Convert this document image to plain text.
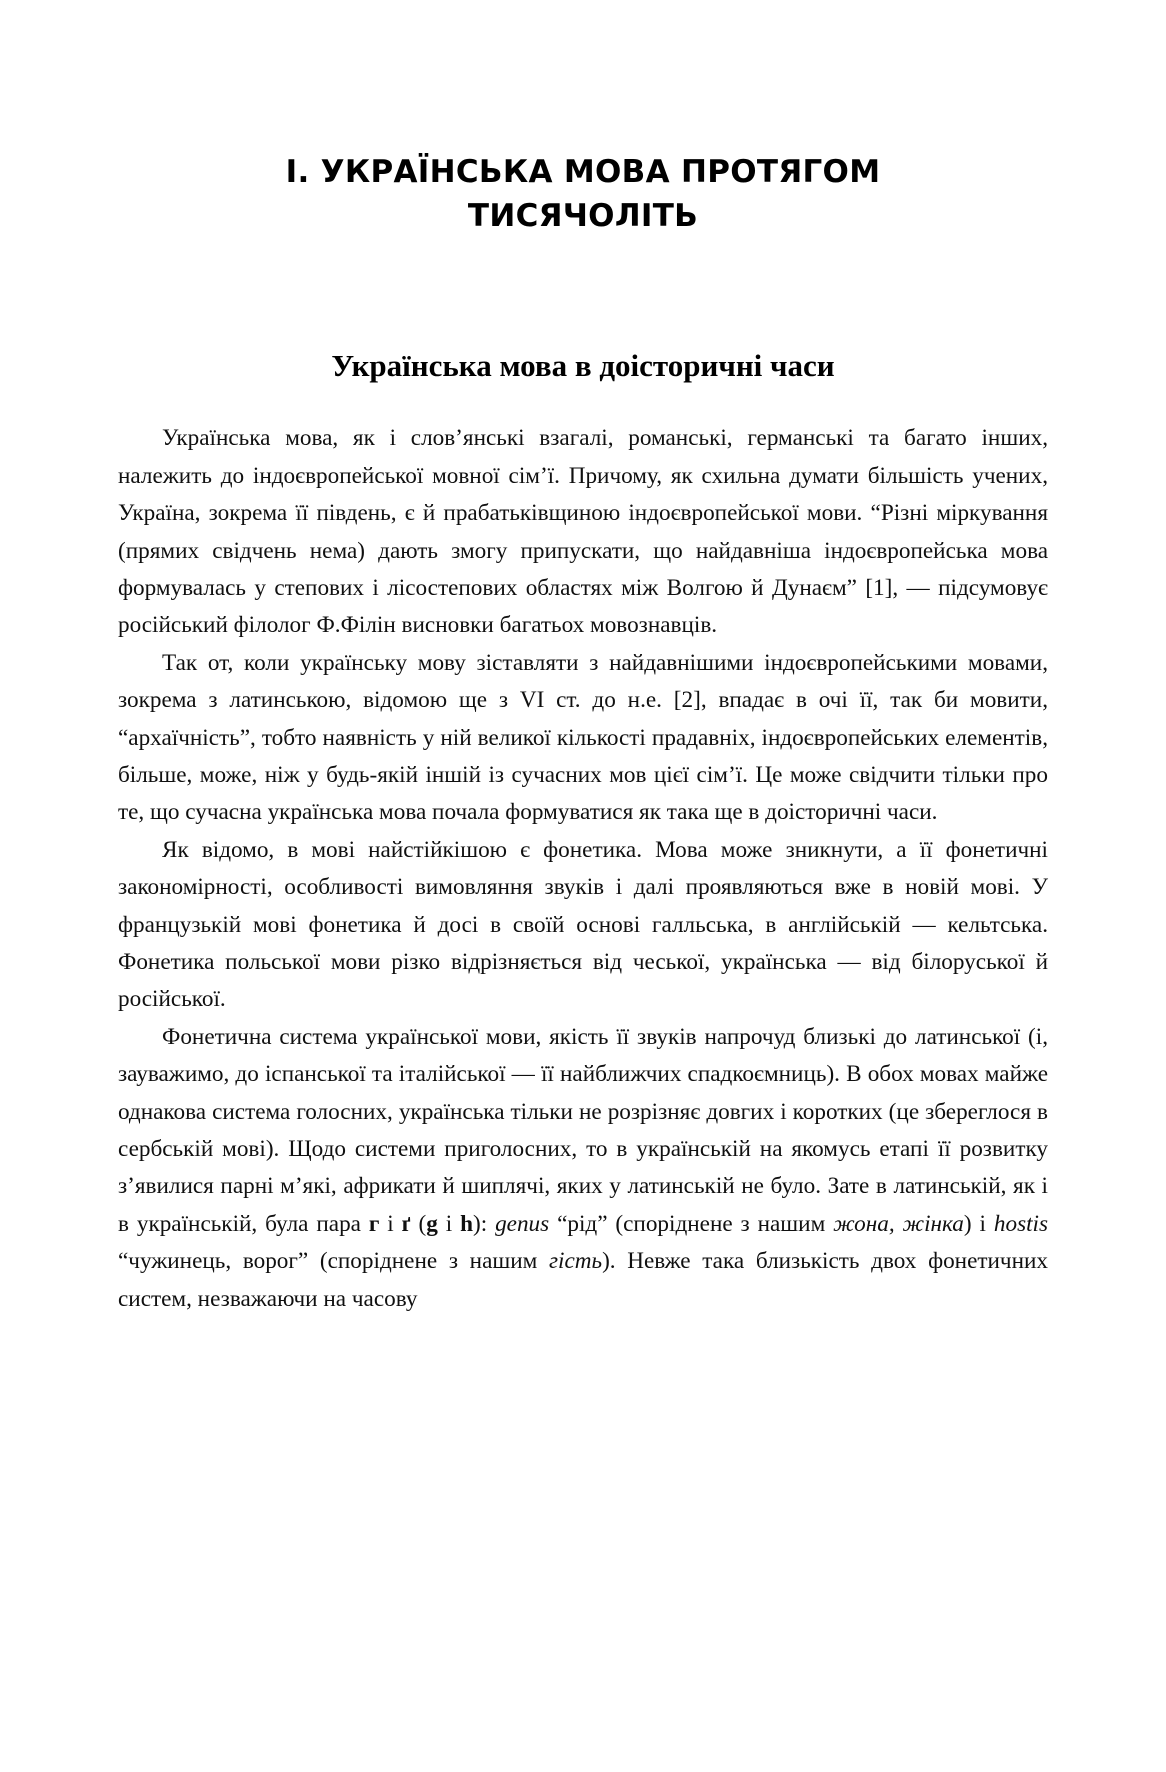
I. УКРАЇНСЬКА МОВА ПРОТЯГОМ
ТИСЯЧОЛІТЬ
Українська мова в доісторичні часи

Українська мова, як і слов’янські взагалі, романські, германські та багато інших, належить до індоєвропейської мовної сім’ї. Причому, як схильна думати більшість учених, Україна, зокрема її південь, є й прабатьківщиною індоєвропейської мови. “Різні міркування (прямих свідчень нема) дають змогу припускати, що найдавніша індоєвропейська мова формувалась у степових і лісостепових областях між Волгою й Дунаєм” [1], — підсумовує російський філолог Ф.Філін висновки багатьох мовознавців.

Так от, коли українську мову зіставляти з найдавнішими індоєвропейськими мовами, зокрема з латинською, відомою ще з VI ст. до н.е. [2], впадає в очі її, так би мовити, “архаїчність”, тобто наявність у ній великої кількості прадавніх, індоєвропейських елементів, більше, може, ніж у будь-якій іншій із сучасних мов цієї сім’ї. Це може свідчити тільки про те, що сучасна українська мова почала формуватися як така ще в доісторичні часи.

Як відомо, в мові найстійкішою є фонетика. Мова може зникнути, а її фонетичні закономірності, особливості вимовляння звуків і далі проявляються вже в новій мові. У французькій мові фонетика й досі в своїй основі галльська, в англійській — кельтська. Фонетика польської мови різко відрізняється від чеської, українська — від білоруської й російської.

Фонетична система української мови, якість її звуків напрочуд близькі до латинської (і, зауважимо, до іспанської та італійської — її найближчих спадкоємниць). В обох мовах майже однакова система голосних, українська тільки не розрізняє довгих і коротких (це збереглося в сербській мові). Щодо системи приголосних, то в українській на якомусь етапі її розвитку з’явилися парні м’які, африкати й шиплячі, яких у латинській не було. Зате в латинській, як і в українській, була пара г і ґ (g і h): genus “рід” (споріднене з нашим жона, жінка) і hostis “чужинець, ворог” (споріднене з нашим гість). Невже така близькість двох фонетичних систем, незважаючи на часову
